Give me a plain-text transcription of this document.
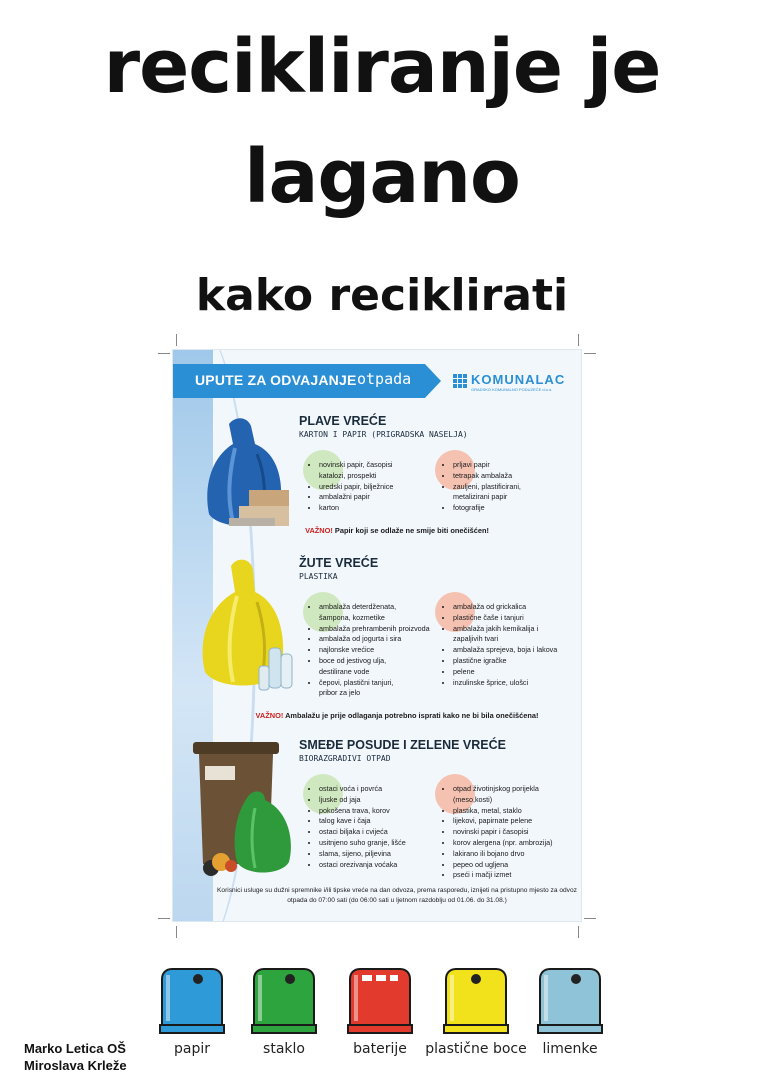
recikliranje je
lagano
kako reciklirati
UPUTE ZA ODVAJANJE otpada	KOMUNALAC
GRADSKO KOMUNALNO PODUZEĆE d.o.o.
PLAVE VREĆE
KARTON I PAPIR (PRIGRADSKA NASELJA)
• novinski papir, časopisi
katalozi, prospekti
• uredski papir, bilježnice
• ambalažni papir
• karton
• prljavi papir
• tetrapak ambalaža
• zauljeni, plastificirani,
metalizirani papir
• fotografije
VAŽNO! Papir koji se odlaže ne smije biti onečišćen!
ŽUTE VREĆE
PLASTIKA
• ambalaža deterdženata,
šampona, kozmetike
• ambalaža prehrambenih proizvoda
• ambalaža od jogurta i sira
• najlonske vrećice
• boce od jestivog ulja,
destilirane vode
• čepovi, plastični tanjuri,
pribor za jelo
• ambalaža od grickalica
• plastične čaše i tanjuri
• ambalaža jakih kemikalija i
zapaljivih tvari
• ambalaža sprejeva, boja i lakova
• plastične igračke
• pelene
• inzulinske šprice, ulošci
VAŽNO! Ambalažu je prije odlaganja potrebno isprati kako ne bi bila onečišćena!
SMEĐE POSUDE I ZELENE VREĆE
BIORAZGRADIVI OTPAD
• ostaci voća i povrća
• ljuske od jaja
• pokošena trava, korov
• talog kave i čaja
• ostaci biljaka i cvijeća
• usitnjeno suho granje, lišće
• slama, sijeno, piljevina
• ostaci orezivanja voćaka
• otpad životinjskog porijekla
(meso,kosti)
• plastika, metal, staklo
• lijekovi, papirnate pelene
• novinski papir i časopisi
• korov alergena (npr. ambrozija)
• lakirano ili bojano drvo
• pepeo od ugljena
• pseći i mačji izmet
Korisnici usluge su dužni spremnike i/ili tipske vreće na dan odvoza, prema rasporedu, iznijeti na pristupno mjesto za odvoz
otpada do 07:00 sati (do 06:00 sati u ljetnom razdoblju od 01.06. do 31.08.)
papir	staklo	baterije	plastične boce	limenke
Marko Letica OŠ
Miroslava Krleže
